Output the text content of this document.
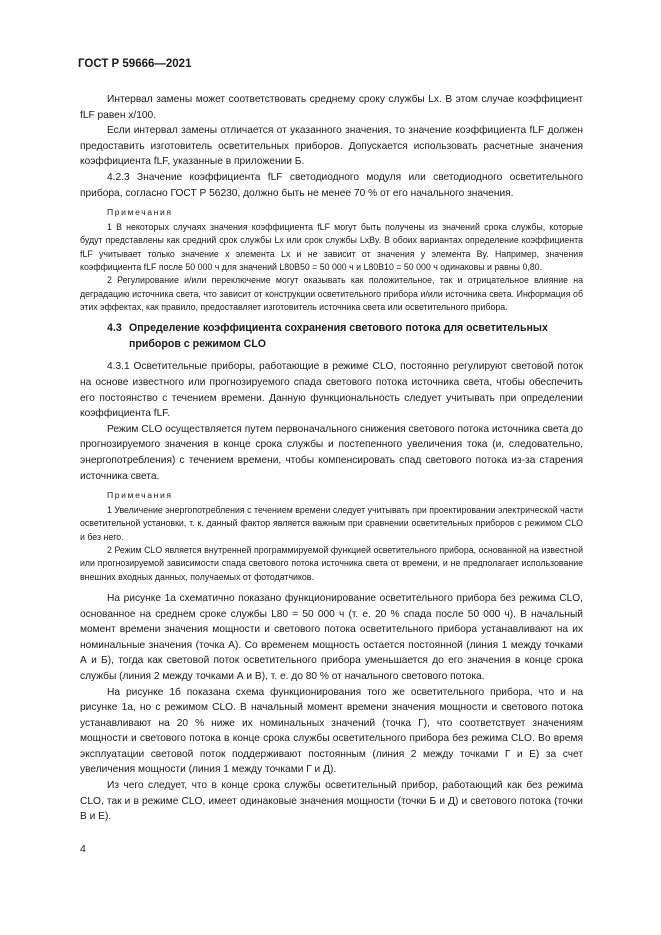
ГОСТ Р 59666—2021

Интервал замены может соответствовать среднему сроку службы Lx. В этом случае коэффициент fLF равен x/100.

Если интервал замены отличается от указанного значения, то значение коэффициента fLF должен предоставить изготовитель осветительных приборов. Допускается использовать расчетные значения коэффициента fLF, указанные в приложении Б.

4.2.3 Значение коэффициента fLF светодиодного модуля или светодиодного осветительного прибора, согласно ГОСТ Р 56230, должно быть не менее 70 % от его начального значения.

Примечания

1 В некоторых случаях значения коэффициента fLF могут быть получены из значений срока службы, которые будут представлены как средний срок службы Lx или срок службы LxBy. В обоих вариантах определение коэффициента fLF учитывает только значение x элемента Lx и не зависит от значения y элемента By. Например, значения коэффициента fLF после 50 000 ч для значений L80B50 = 50 000 ч и L80B10 = 50 000 ч одинаковы и равны 0,80.

2 Регулирование и/или переключение могут оказывать как положительное, так и отрицательное влияние на деградацию источника света, что зависит от конструкции осветительного прибора и/или источника света. Информация об этих эффектах, как правило, предоставляет изготовитель источника света или осветительного прибора.

4.3 Определение коэффициента сохранения светового потока для осветительных
приборов с режимом CLO

4.3.1 Осветительные приборы, работающие в режиме CLO, постоянно регулируют световой поток на основе известного или прогнозируемого спада светового потока источника света, чтобы обеспечить его постоянство с течением времени. Данную функциональность следует учитывать при определении коэффициента fLF.

Режим CLO осуществляется путем первоначального снижения светового потока источника света до прогнозируемого значения в конце срока службы и постепенного увеличения тока (и, следовательно, энергопотребления) с течением времени, чтобы компенсировать спад светового потока из-за старения источника света.

Примечания

1 Увеличение энергопотребления с течением времени следует учитывать при проектировании электрической части осветительной установки, т. к. данный фактор является важным при сравнении осветительных приборов с режимом CLO и без него.

2 Режим CLO является внутренней программируемой функцией осветительного прибора, основанной на известной или прогнозируемой зависимости спада светового потока источника света от времени, и не предполагает использование внешних входных данных, получаемых от фотодатчиков.

На рисунке 1а схематично показано функционирование осветительного прибора без режима CLO, основанное на среднем сроке службы L80 = 50 000 ч (т. е. 20 % спада после 50 000 ч). В начальный момент времени значения мощности и светового потока осветительного прибора устанавливают на их номинальные значения (точка А). Со временем мощность остается постоянной (линия 1 между точками А и Б), тогда как световой поток осветительного прибора уменьшается до его значения в конце срока службы (линия 2 между точками А и В), т. е. до 80 % от начального светового потока.

На рисунке 1б показана схема функционирования того же осветительного прибора, что и на рисунке 1а, но с режимом CLO. В начальный момент времени значения мощности и светового потока устанавливают на 20 % ниже их номинальных значений (точка Г), что соответствует значениям мощности и светового потока в конце срока службы осветительного прибора без режима CLO. Во время эксплуатации световой поток поддерживают постоянным (линия 2 между точками Г и Е) за счет увеличения мощности (линия 1 между точками Г и Д).

Из чего следует, что в конце срока службы осветительный прибор, работающий как без режима CLO, так и в режиме CLO, имеет одинаковые значения мощности (точки Б и Д) и светового потока (точки В и Е).

4
